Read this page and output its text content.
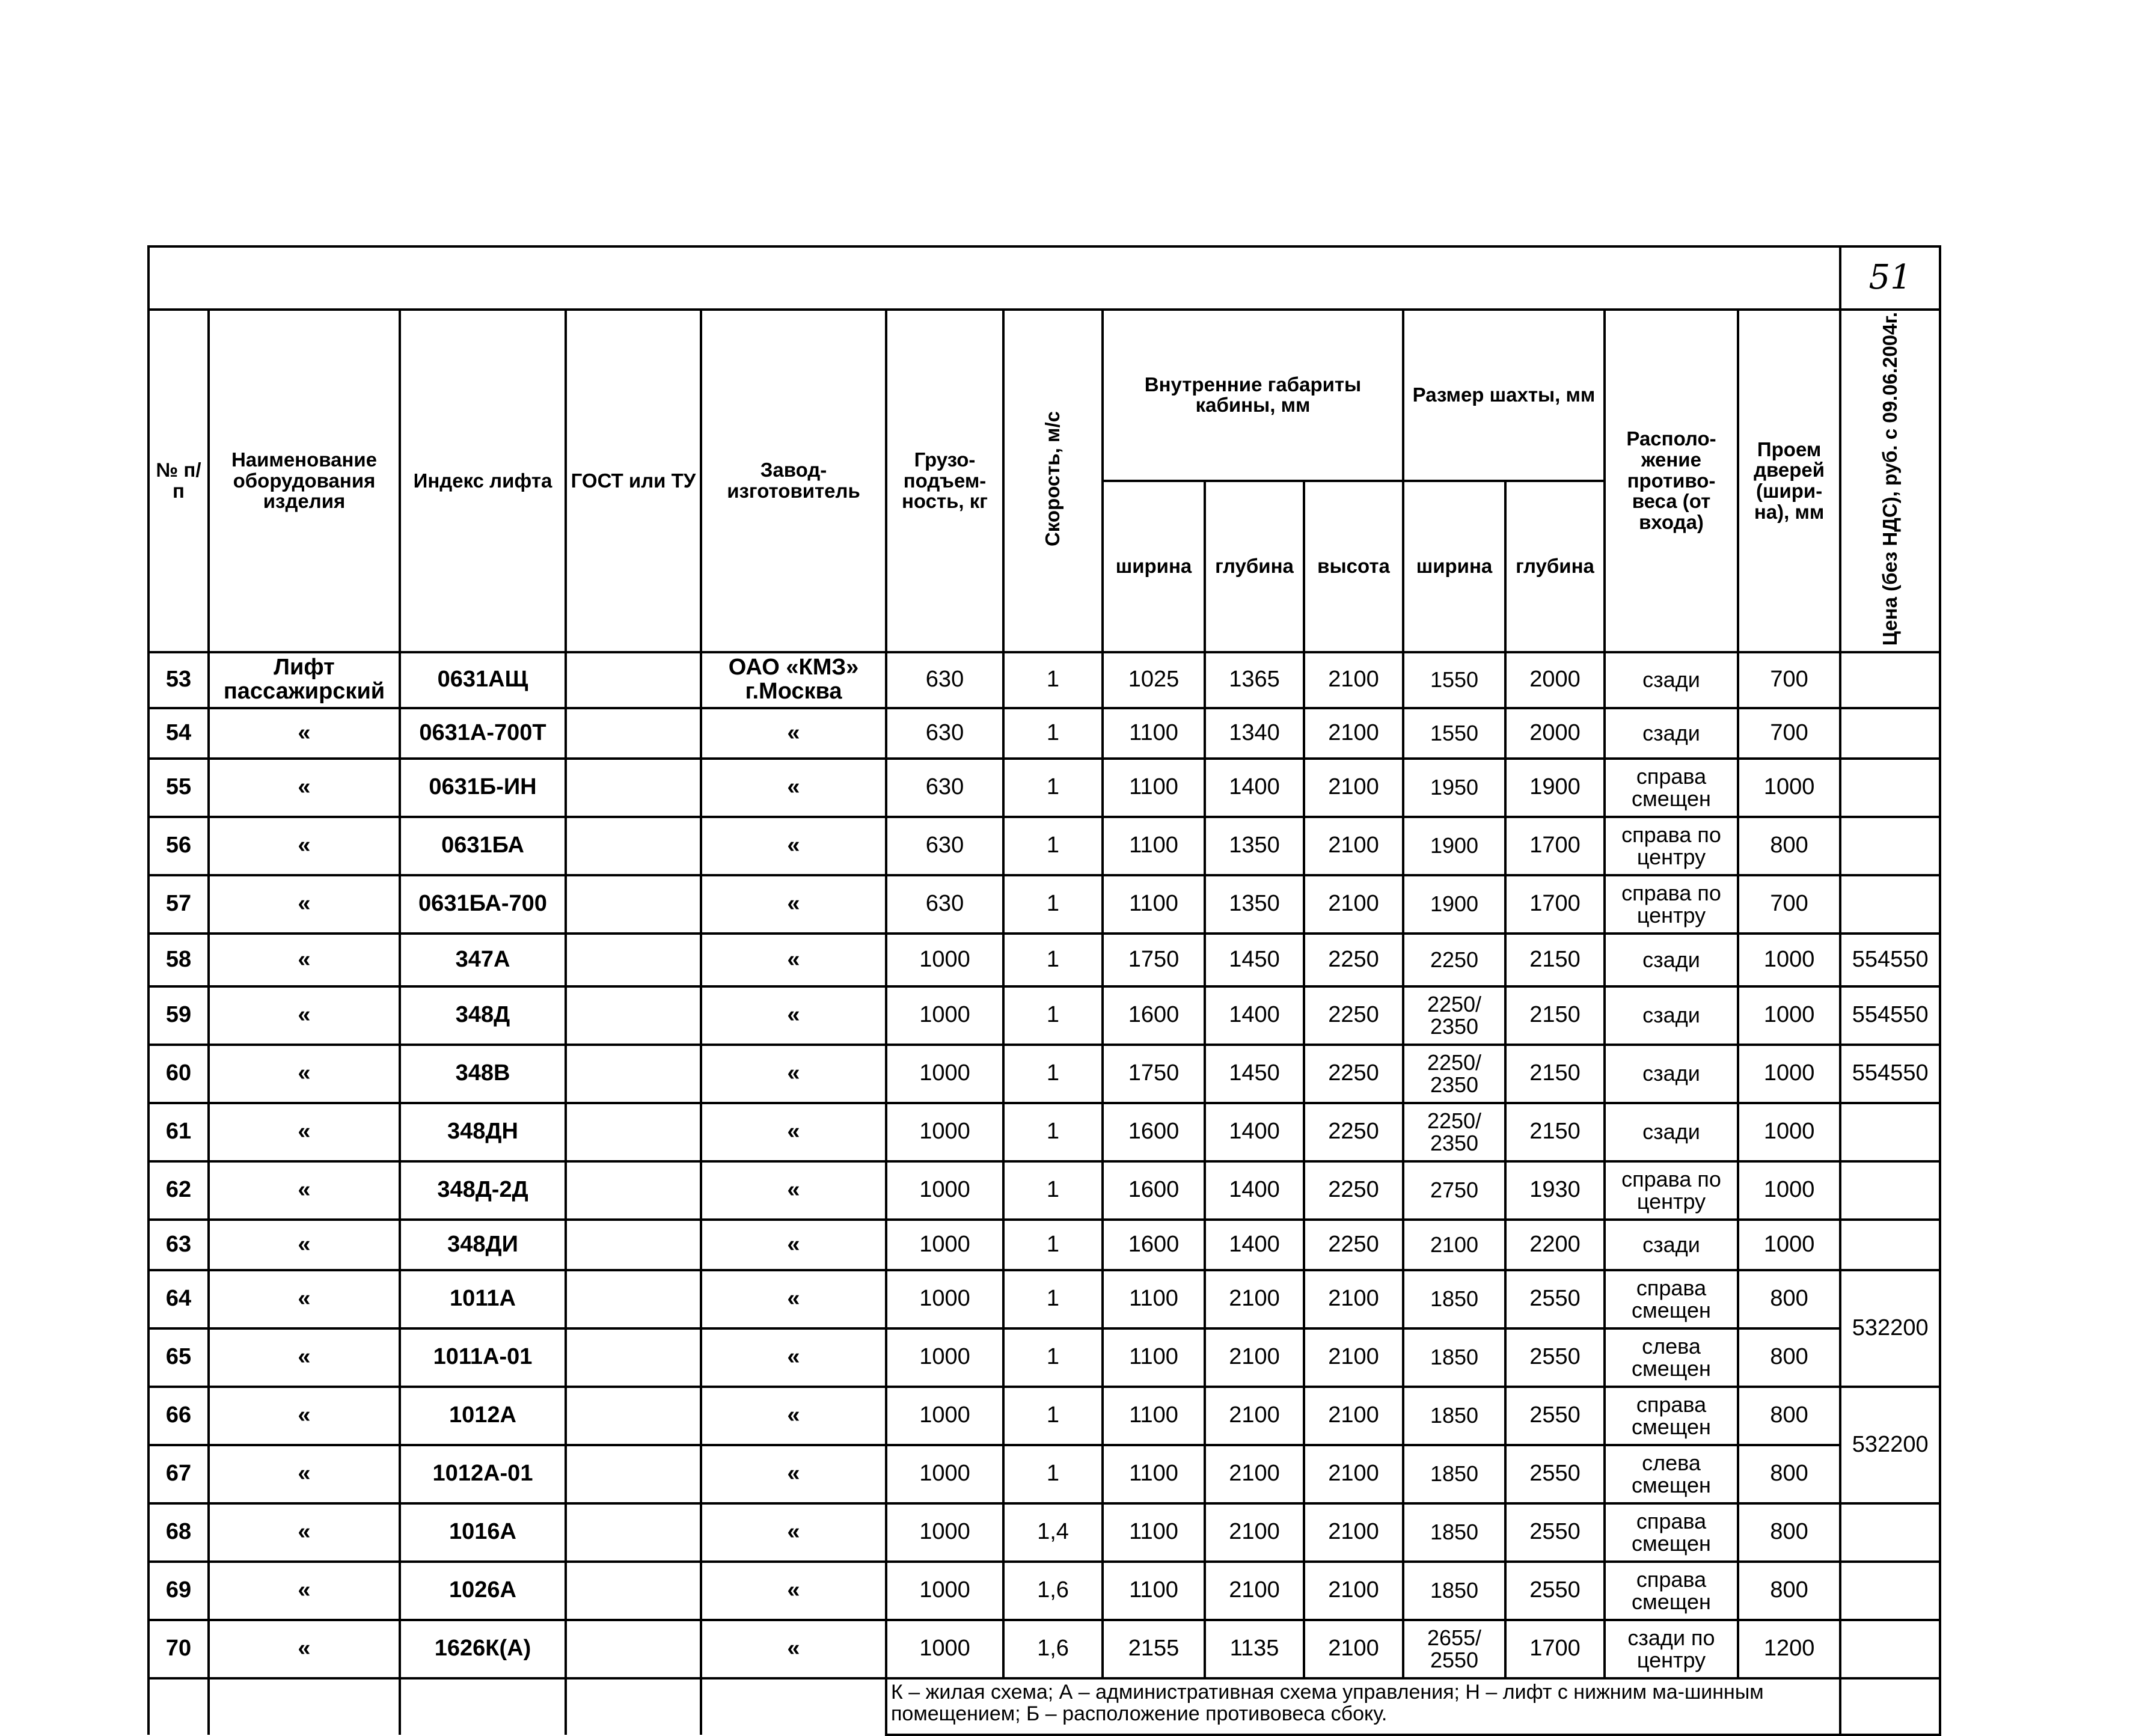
														51
№ п/п	Наименование оборудования изделия	Индекс лифта	ГОСТ или ТУ	Завод-изготовитель	Грузо-подъем-ность, кг	Скорость, м/с	Внутренние габариты кабины, мм			Размер шахты, мм		Располо-жение противо-веса (от входа)	Проем дверей (шири-на), мм	Цена (без НДС), руб. с 09.06.2004г.
							ширина	глубина	высота	ширина	глубина			
53	Лифт пассажирский	0631АЩ		ОАО «КМЗ» г.Москва	630	1	1025	1365	2100	1550	2000	сзади	700	
54	«	0631А-700Т		«	630	1	1100	1340	2100	1550	2000	сзади	700	
55	«	0631Б-ИН		«	630	1	1100	1400	2100	1950	1900	справа смещен	1000	
56	«	0631БА		«	630	1	1100	1350	2100	1900	1700	справа по центру	800	
57	«	0631БА-700		«	630	1	1100	1350	2100	1900	1700	справа по центру	700	
58	«	347А		«	1000	1	1750	1450	2250	2250	2150	сзади	1000	554550
59	«	348Д		«	1000	1	1600	1400	2250	2250/ 2350	2150	сзади	1000	554550
60	«	348В		«	1000	1	1750	1450	2250	2250/ 2350	2150	сзади	1000	554550
61	«	348ДН		«	1000	1	1600	1400	2250	2250/ 2350	2150	сзади	1000	
62	«	348Д-2Д		«	1000	1	1600	1400	2250	2750	1930	справа по центру	1000	
63	«	348ДИ		«	1000	1	1600	1400	2250	2100	2200	сзади	1000	
64	«	1011А		«	1000	1	1100	2100	2100	1850	2550	справа смещен	800	532200
65	«	1011А-01		«	1000	1	1100	2100	2100	1850	2550	слева смещен	800	
66	«	1012А		«	1000	1	1100	2100	2100	1850	2550	справа смещен	800	532200
67	«	1012А-01		«	1000	1	1100	2100	2100	1850	2550	слева смещен	800	
68	«	1016А		«	1000	1,4	1100	2100	2100	1850	2550	справа смещен	800	
69	«	1026А		«	1000	1,6	1100	2100	2100	1850	2550	справа смещен	800	
70	«	1626К(А)		«	1000	1,6	2155	1135	2100	2655/ 2550	1700	сзади по центру	1200	
					К – жилая схема; А – административная схема управления; Н – лифт с нижним ма-шинным помещением; Б – расположение противовеса сбоку.									
